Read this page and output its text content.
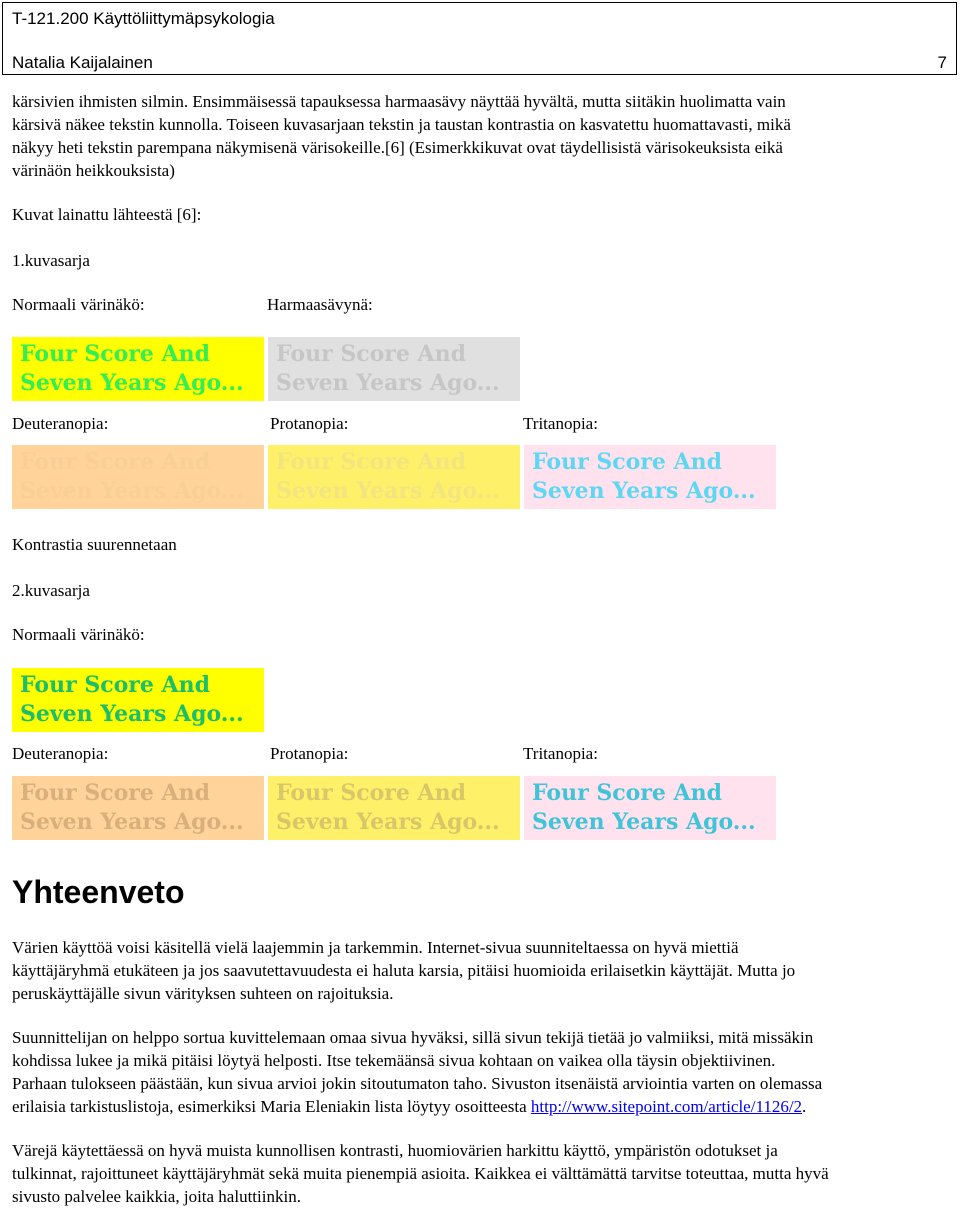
T-121.200 Käyttöliittymäpsykologia
Natalia Kaijalainen	7
kärsivien ihmisten silmin. Ensimmäisessä tapauksessa harmaasävy näyttää hyvältä, mutta siitäkin huolimatta vain
kärsivä näkee tekstin kunnolla. Toiseen kuvasarjaan tekstin ja taustan kontrastia on kasvatettu huomattavasti, mikä
näkyy heti tekstin parempana näkymisenä värisokeille.[6] (Esimerkkikuvat ovat täydellisistä värisokeuksista eikä
värinäön heikkouksista)
Kuvat lainattu lähteestä [6]:
1.kuvasarja
Normaali värinäkö:	Harmaasävynä:
Four Score And
Seven Years Ago...
Four Score And
Seven Years Ago...
Deuteranopia:	Protanopia:	Tritanopia:
Four Score And
Seven Years Ago...
Four Score And
Seven Years Ago...
Four Score And
Seven Years Ago...
Kontrastia suurennetaan
2.kuvasarja
Normaali värinäkö:
Four Score And
Seven Years Ago...
Deuteranopia:	Protanopia:	Tritanopia:
Four Score And
Seven Years Ago...
Four Score And
Seven Years Ago...
Four Score And
Seven Years Ago...
Yhteenveto
Värien käyttöä voisi käsitellä vielä laajemmin ja tarkemmin. Internet-sivua suunniteltaessa on hyvä miettiä
käyttäjäryhmä etukäteen ja jos saavutettavuudesta ei haluta karsia, pitäisi huomioida erilaisetkin käyttäjät. Mutta jo
peruskäyttäjälle sivun värityksen suhteen on rajoituksia.
Suunnittelijan on helppo sortua kuvittelemaan omaa sivua hyväksi, sillä sivun tekijä tietää jo valmiiksi, mitä missäkin
kohdissa lukee ja mikä pitäisi löytyä helposti. Itse tekemäänsä sivua kohtaan on vaikea olla täysin objektiivinen.
Parhaan tulokseen päästään, kun sivua arvioi jokin sitoutumaton taho. Sivuston itsenäistä arviointia varten on olemassa
erilaisia tarkistuslistoja, esimerkiksi Maria Eleniakin lista löytyy osoitteesta http://www.sitepoint.com/article/1126/2.
Värejä käytettäessä on hyvä muista kunnollisen kontrasti, huomiovärien harkittu käyttö, ympäristön odotukset ja
tulkinnat, rajoittuneet käyttäjäryhmät sekä muita pienempiä asioita. Kaikkea ei välttämättä tarvitse toteuttaa, mutta hyvä
sivusto palvelee kaikkia, joita haluttiinkin.
